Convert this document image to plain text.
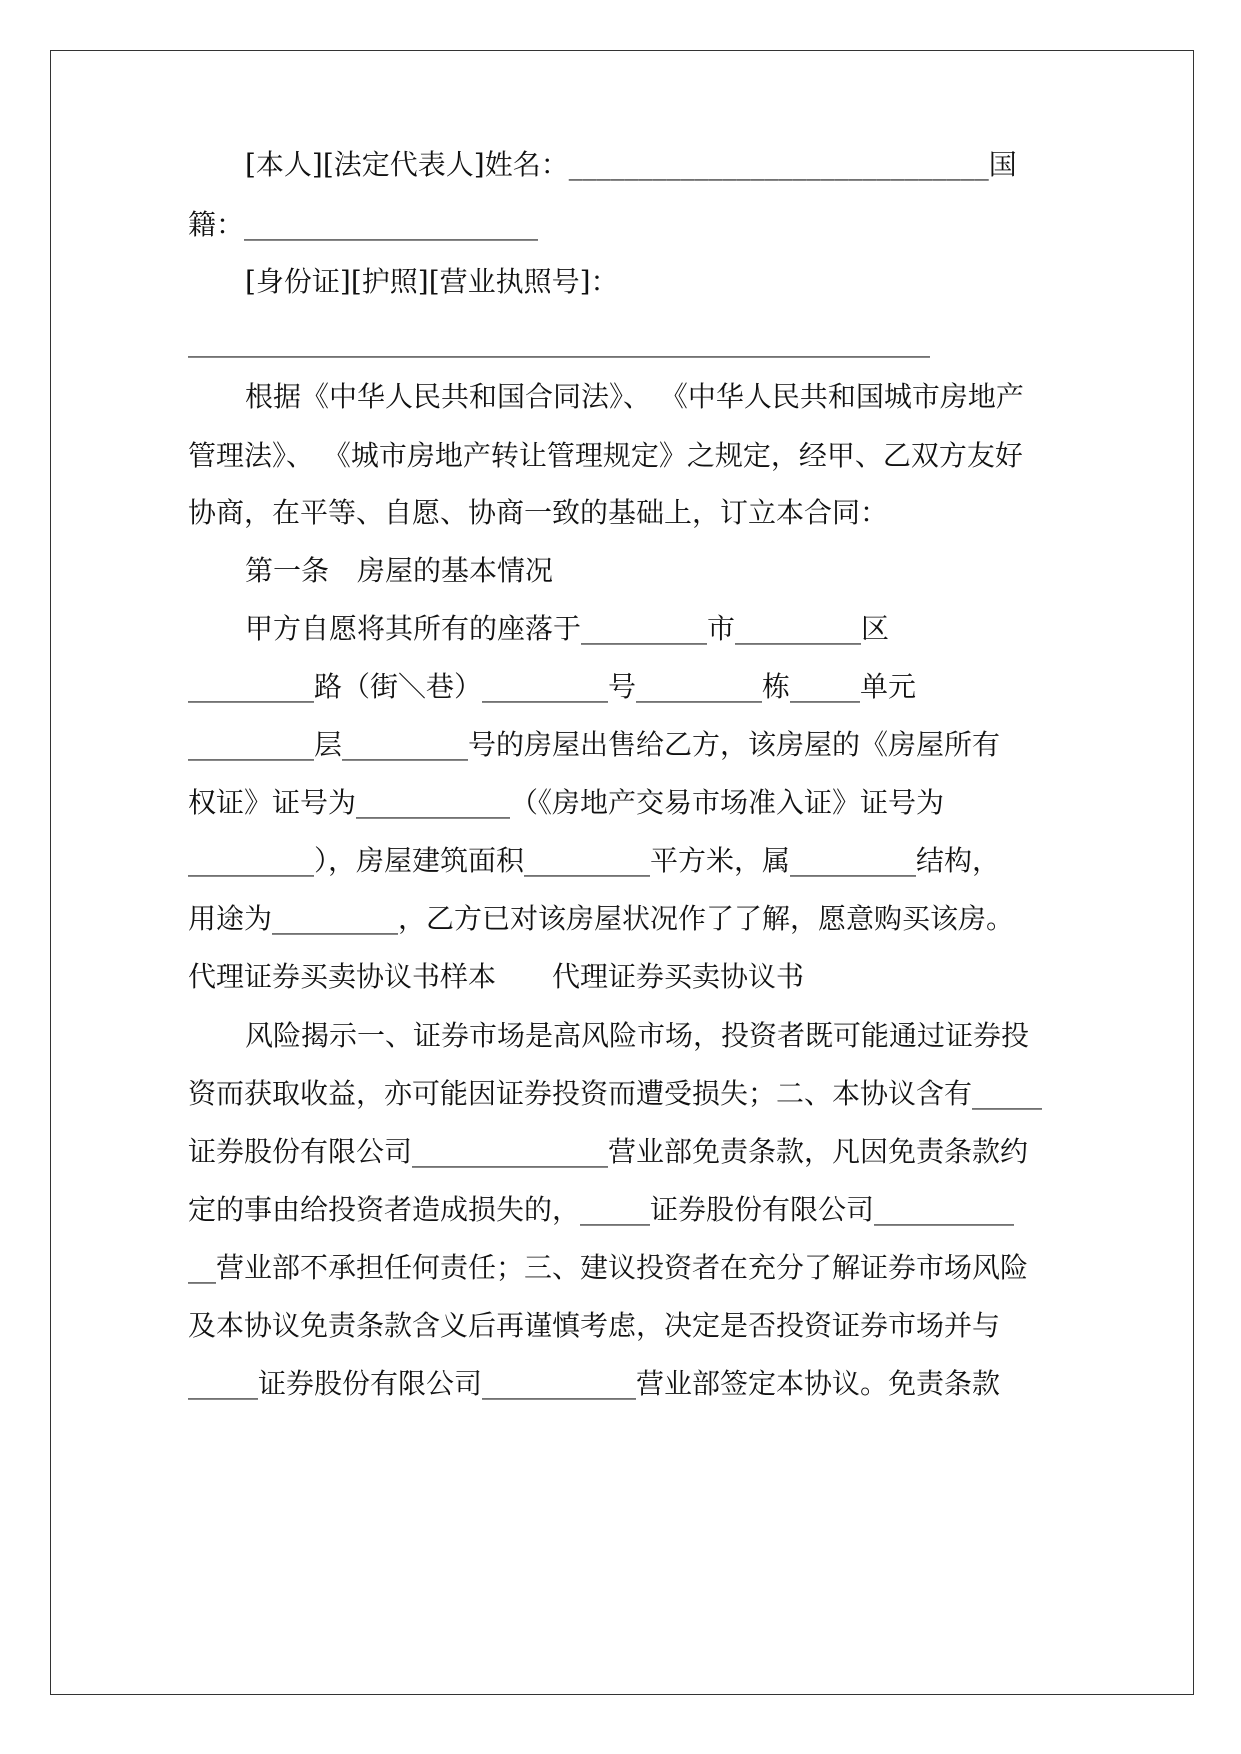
[本人][法定代表人]姓名：______________________________国
籍：_____________________
[身份证][护照][营业执照号]：
_____________________________________________________
根据《中华人民共和国合同法》、 《中华人民共和国城市房地产
管理法》、 《城市房地产转让管理规定》之规定，经甲、乙双方友好
协商，在平等、自愿、协商一致的基础上，订立本合同：
第一条　房屋的基本情况
甲方自愿将其所有的座落于_________市_________区
_________路（街＼巷）_________号_________栋_____单元
_________层_________号的房屋出售给乙方，该房屋的《房屋所有
权证》证号为___________（《房地产交易市场准入证》证号为
_________），房屋建筑面积_________平方米，属_________结构，
用途为_________，乙方已对该房屋状况作了了解，愿意购买该房。
代理证券买卖协议书样本　　代理证券买卖协议书
风险揭示一、证券市场是高风险市场，投资者既可能通过证券投
资而获取收益，亦可能因证券投资而遭受损失；二、本协议含有_____
证券股份有限公司______________营业部免责条款，凡因免责条款约
定的事由给投资者造成损失的，_____证券股份有限公司__________
__营业部不承担任何责任；三、建议投资者在充分了解证券市场风险
及本协议免责条款含义后再谨慎考虑，决定是否投资证券市场并与
_____证券股份有限公司___________营业部签定本协议。免责条款
